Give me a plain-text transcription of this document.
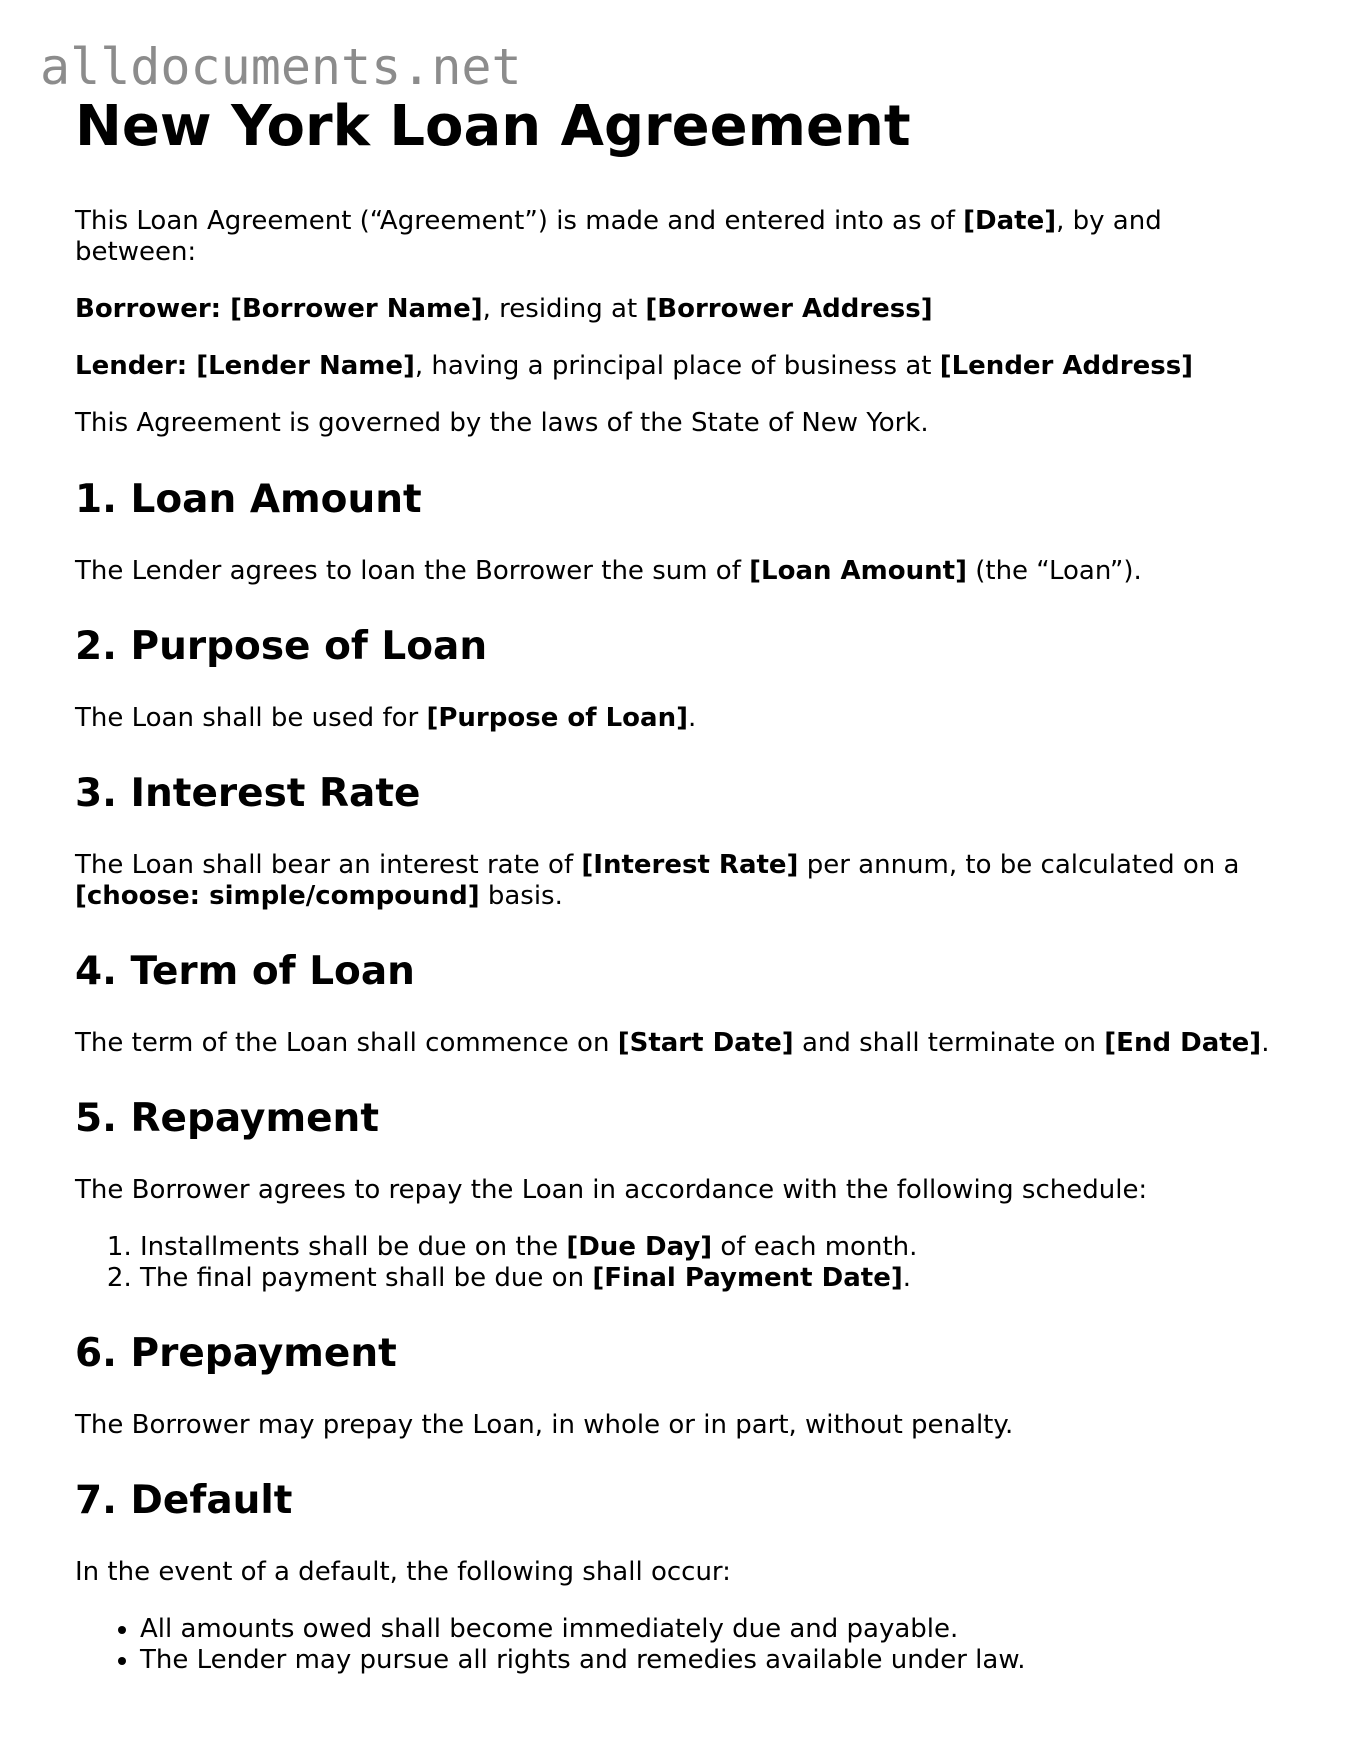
alldocuments.net
New York Loan Agreement

This Loan Agreement (“Agreement”) is made and entered into as of [Date], by and between:

Borrower: [Borrower Name], residing at [Borrower Address]

Lender: [Lender Name], having a principal place of business at [Lender Address]

This Agreement is governed by the laws of the State of New York.

1. Loan Amount

The Lender agrees to loan the Borrower the sum of [Loan Amount] (the “Loan”).

2. Purpose of Loan

The Loan shall be used for [Purpose of Loan].

3. Interest Rate

The Loan shall bear an interest rate of [Interest Rate] per annum, to be calculated on a [choose: simple/compound] basis.

4. Term of Loan

The term of the Loan shall commence on [Start Date] and shall terminate on [End Date].

5. Repayment

The Borrower agrees to repay the Loan in accordance with the following schedule:

1. Installments shall be due on the [Due Day] of each month.
2. The final payment shall be due on [Final Payment Date].
6. Prepayment

The Borrower may prepay the Loan, in whole or in part, without penalty.

7. Default

In the event of a default, the following shall occur:

• All amounts owed shall become immediately due and payable.
• The Lender may pursue all rights and remedies available under law.
